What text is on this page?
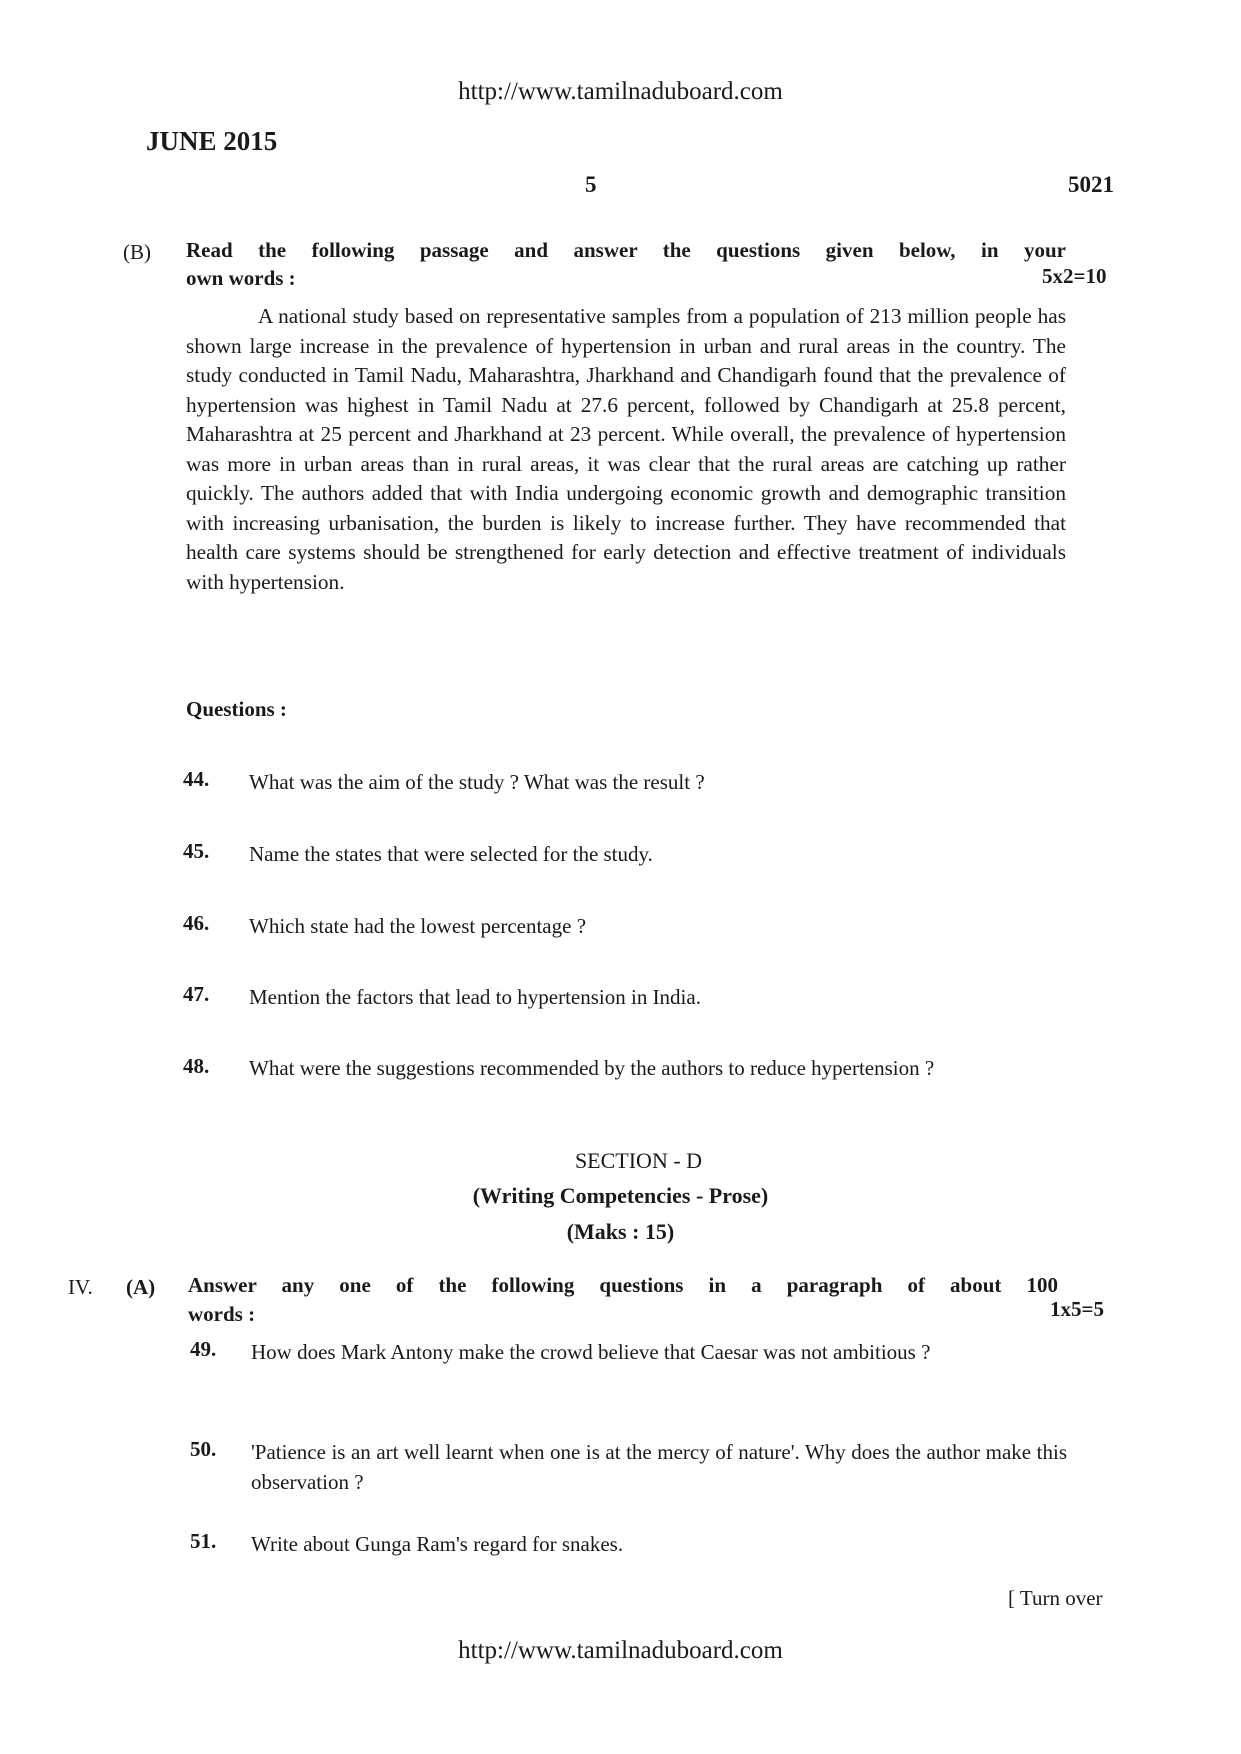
http://www.tamilnaduboard.com
JUNE 2015
5	5021
(B) Read the following passage and answer the questions given below, in your
own words :	5x2=10
A national study based on representative samples from a population of 213 million people has shown large increase in the prevalence of hypertension in urban and rural areas in the country. The study conducted in Tamil Nadu, Maharashtra, Jharkhand and Chandigarh found that the prevalence of hypertension was highest in Tamil Nadu at 27.6 percent, followed by Chandigarh at 25.8 percent, Maharashtra at 25 percent and Jharkhand at 23 percent. While overall, the prevalence of hypertension was more in urban areas than in rural areas, it was clear that the rural areas are catching up rather quickly. The authors added that with India undergoing economic growth and demographic transition with increasing urbanisation, the burden is likely to increase further. They have recommended that health care systems should be strengthened for early detection and effective treatment of individuals with hypertension.
Questions :
44. What was the aim of the study ? What was the result ?
45. Name the states that were selected for the study.
46. Which state had the lowest percentage ?
47. Mention the factors that lead to hypertension in India.
48. What were the suggestions recommended by the authors to reduce hypertension ?
SECTION - D
(Writing Competencies - Prose)
(Maks : 15)
IV. (A) Answer any one of the following questions in a paragraph of about 100
words :	1x5=5
49. How does Mark Antony make the crowd believe that Caesar was not ambitious ?
50. 'Patience is an art well learnt when one is at the mercy of nature'. Why does the author make this observation ?
51. Write about Gunga Ram's regard for snakes.
[ Turn over
http://www.tamilnaduboard.com
